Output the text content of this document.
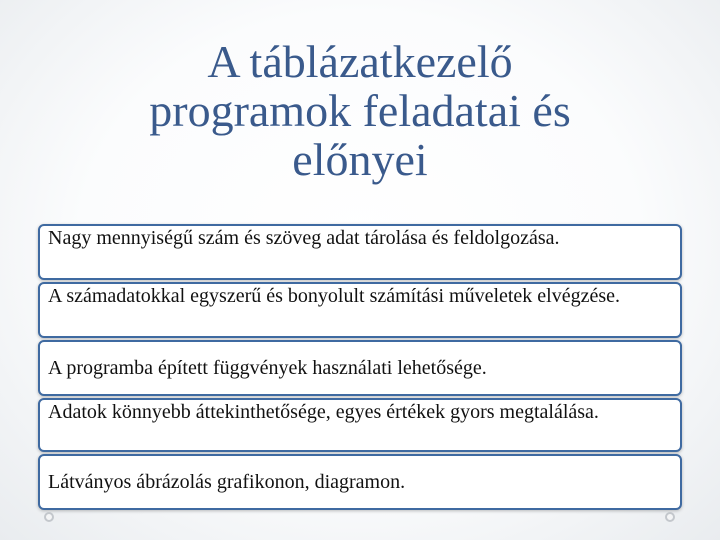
A táblázatkezelő
programok feladatai és
előnyei
Nagy mennyiségű szám és szöveg adat tárolása és feldolgozása.
A számadatokkal egyszerű és bonyolult számítási műveletek elvégzése.
A programba épített függvények használati lehetősége.
Adatok könnyebb áttekinthetősége, egyes értékek gyors megtalálása.
Látványos ábrázolás grafikonon, diagramon.
